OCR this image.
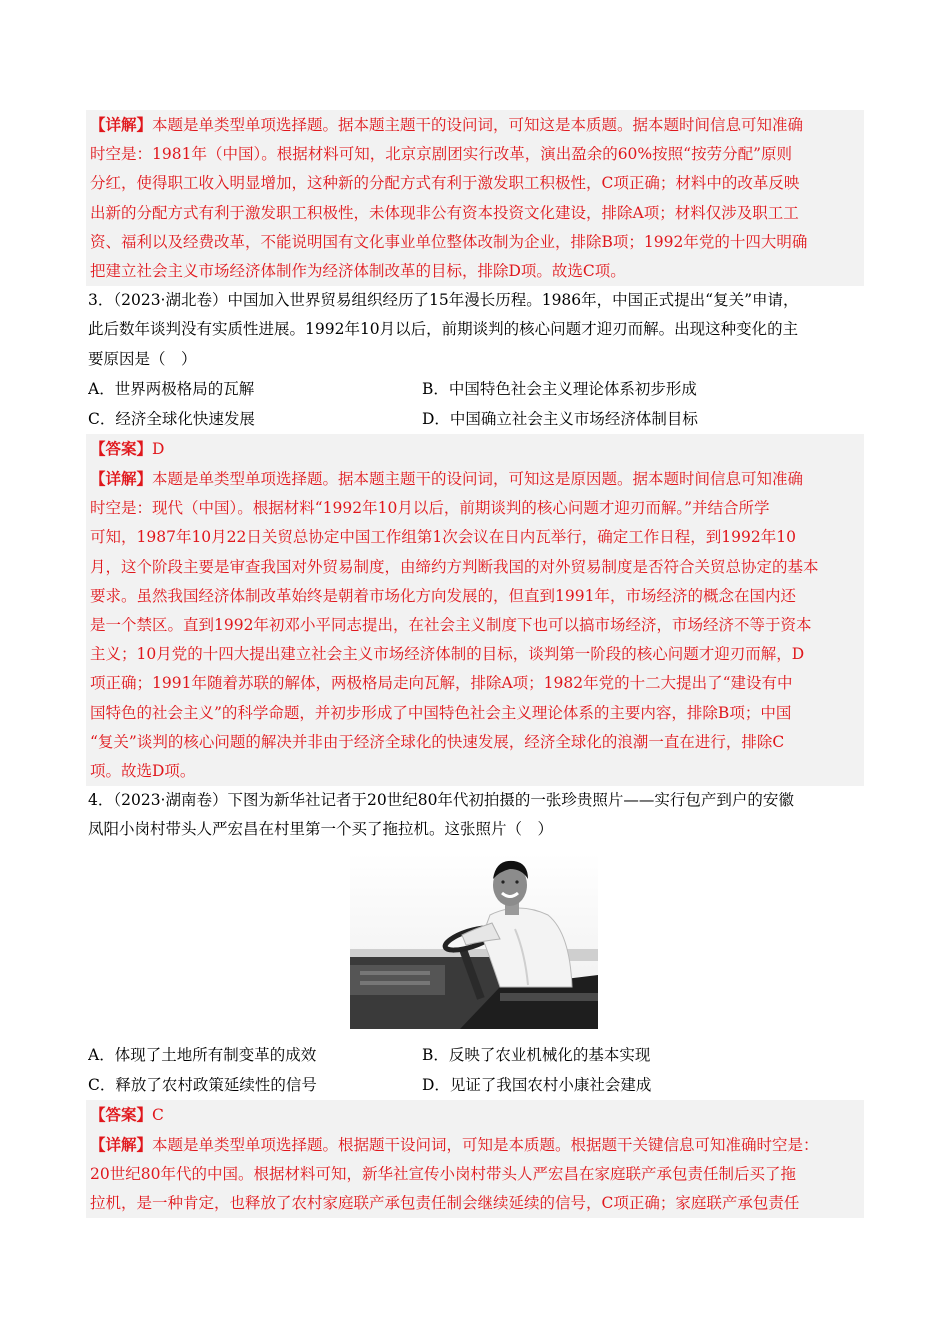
【详解】本题是单类型单项选择题。据本题主题干的设问词，可知这是本质题。据本题时间信息可知准确
时空是：1981年（中国）。根据材料可知，北京京剧团实行改革，演出盈余的60%按照“按劳分配”原则
分红，使得职工收入明显增加，这种新的分配方式有利于激发职工积极性，C项正确；材料中的改革反映
出新的分配方式有利于激发职工积极性，未体现非公有资本投资文化建设，排除A项；材料仅涉及职工工
资、福利以及经费改革，不能说明国有文化事业单位整体改制为企业，排除B项；1992年党的十四大明确
把建立社会主义市场经济体制作为经济体制改革的目标，排除D项。故选C项。
3．（2023·湖北卷）中国加入世界贸易组织经历了15年漫长历程。1986年，中国正式提出“复关”申请，
此后数年谈判没有实质性进展。1992年10月以后，前期谈判的核心问题才迎刃而解。出现这种变化的主
要原因是（　）
A．世界两极格局的瓦解	B．中国特色社会主义理论体系初步形成
C．经济全球化快速发展	D．中国确立社会主义市场经济体制目标
【答案】D
【详解】本题是单类型单项选择题。据本题主题干的设问词，可知这是原因题。据本题时间信息可知准确
时空是：现代（中国）。根据材料“1992年10月以后，前期谈判的核心问题才迎刃而解。”并结合所学
可知，1987年10月22日关贸总协定中国工作组第1次会议在日内瓦举行，确定工作日程，到1992年10
月，这个阶段主要是审查我国对外贸易制度，由缔约方判断我国的对外贸易制度是否符合关贸总协定的基本
要求。虽然我国经济体制改革始终是朝着市场化方向发展的，但直到1991年，市场经济的概念在国内还
是一个禁区。直到1992年初邓小平同志提出，在社会主义制度下也可以搞市场经济，市场经济不等于资本
主义；10月党的十四大提出建立社会主义市场经济体制的目标，谈判第一阶段的核心问题才迎刃而解，D
项正确；1991年随着苏联的解体，两极格局走向瓦解，排除A项；1982年党的十二大提出了“建设有中
国特色的社会主义”的科学命题，并初步形成了中国特色社会主义理论体系的主要内容，排除B项；中国
“复关”谈判的核心问题的解决并非由于经济全球化的快速发展，经济全球化的浪潮一直在进行，排除C
项。故选D项。
4．（2023·湖南卷）下图为新华社记者于20世纪80年代初拍摄的一张珍贵照片——实行包产到户的安徽
凤阳小岗村带头人严宏昌在村里第一个买了拖拉机。这张照片（　）
A．体现了土地所有制变革的成效	B．反映了农业机械化的基本实现
C．释放了农村政策延续性的信号	D．见证了我国农村小康社会建成
【答案】C
【详解】本题是单类型单项选择题。根据题干设问词，可知是本质题。根据题干关键信息可知准确时空是：
20世纪80年代的中国。根据材料可知，新华社宣传小岗村带头人严宏昌在家庭联产承包责任制后买了拖
拉机，是一种肯定，也释放了农村家庭联产承包责任制会继续延续的信号，C项正确；家庭联产承包责任
